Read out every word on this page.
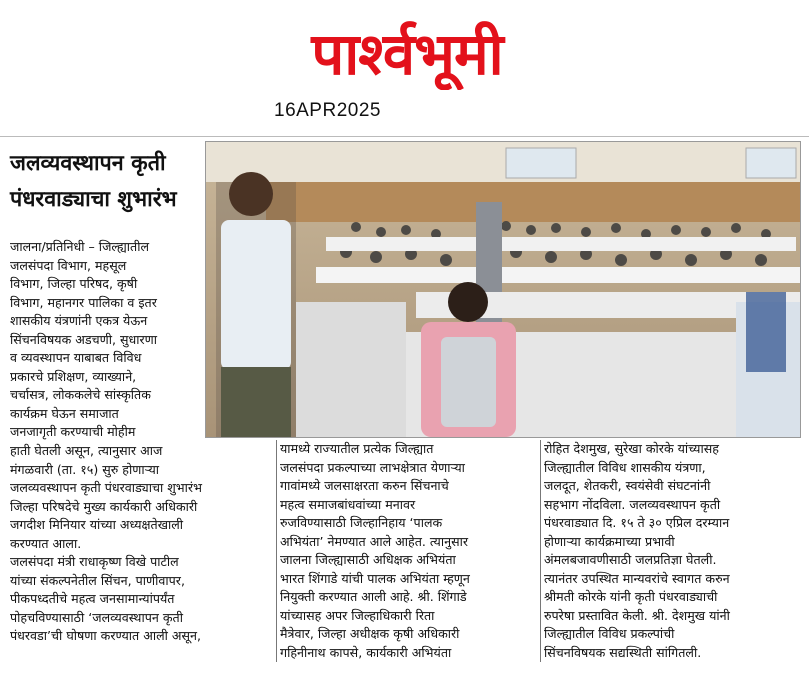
पार्श्वभूमी
16APR2025
जलव्यवस्थापन कृती
पंधरवाड्याचा शुभारंभ
जालना/प्रतिनिधी – जिल्ह्यातील
जलसंपदा विभाग, महसूल
विभाग, जिल्हा परिषद, कृषी
विभाग, महानगर पालिका व इतर
शासकीय यंत्रणांनी एकत्र येऊन
सिंचनविषयक अडचणी, सुधारणा
व व्यवस्थापन याबाबत विविध
प्रकारचे प्रशिक्षण, व्याख्याने,
चर्चासत्र, लोककलेचे सांस्कृतिक
कार्यक्रम घेऊन समाजात
जनजागृती करण्याची मोहीम
हाती घेतली असून, त्यानुसार आज
मंगळवारी (ता. १५) सुरु होणाऱ्या
जलव्यवस्थापन कृती पंधरवाड्याचा शुभारंभ
जिल्हा परिषदेचे मुख्य कार्यकारी अधिकारी
जगदीश मिनियार यांच्या अध्यक्षतेखाली
करण्यात आला.
जलसंपदा मंत्री राधाकृष्ण विखे पाटील
यांच्या संकल्पनेतील सिंचन, पाणीवापर,
पीकपध्दतीचे महत्व जनसामान्यांपर्यंत
पोहचविण्यासाठी ‘जलव्यवस्थापन कृती
पंधरवडा’ची घोषणा करण्यात आली असून,
यामध्ये राज्यातील प्रत्येक जिल्ह्यात
जलसंपदा प्रकल्पाच्या लाभक्षेत्रात येणाऱ्या
गावांमध्ये जलसाक्षरता करुन सिंचनाचे
महत्व समाजबांधवांच्या मनावर
रुजविण्यासाठी जिल्हानिहाय ‘पालक
अभियंता’ नेमण्यात आले आहेत. त्यानुसार
जालना जिल्ह्यासाठी अधिक्षक अभियंता
भारत शिंगाडे यांची पालक अभियंता म्हणून
नियुक्ती करण्यात आली आहे. श्री. शिंगाडे
यांच्यासह अपर जिल्हाधिकारी रिता
मैत्रेवार, जिल्हा अधीक्षक कृषी अधिकारी
गहिनीनाथ कापसे, कार्यकारी अभियंता
रोहित देशमुख, सुरेखा कोरके यांच्यासह
जिल्ह्यातील विविध शासकीय यंत्रणा,
जलदूत, शेतकरी, स्वयंसेवी संघटनांनी
सहभाग नोंदविला. जलव्यवस्थापन कृती
पंधरवाड्यात दि. १५ ते ३० एप्रिल दरम्यान
होणाऱ्या कार्यक्रमाच्या प्रभावी
अंमलबजावणीसाठी जलप्रतिज्ञा घेतली.
त्यानंतर उपस्थित मान्यवरांचे स्वागत करुन
श्रीमती कोरके यांनी कृती पंधरवाड्याची
रुपरेषा प्रस्तावित केली. श्री. देशमुख यांनी
जिल्ह्यातील विविध प्रकल्पांची
सिंचनविषयक सद्यस्थिती सांगितली.
